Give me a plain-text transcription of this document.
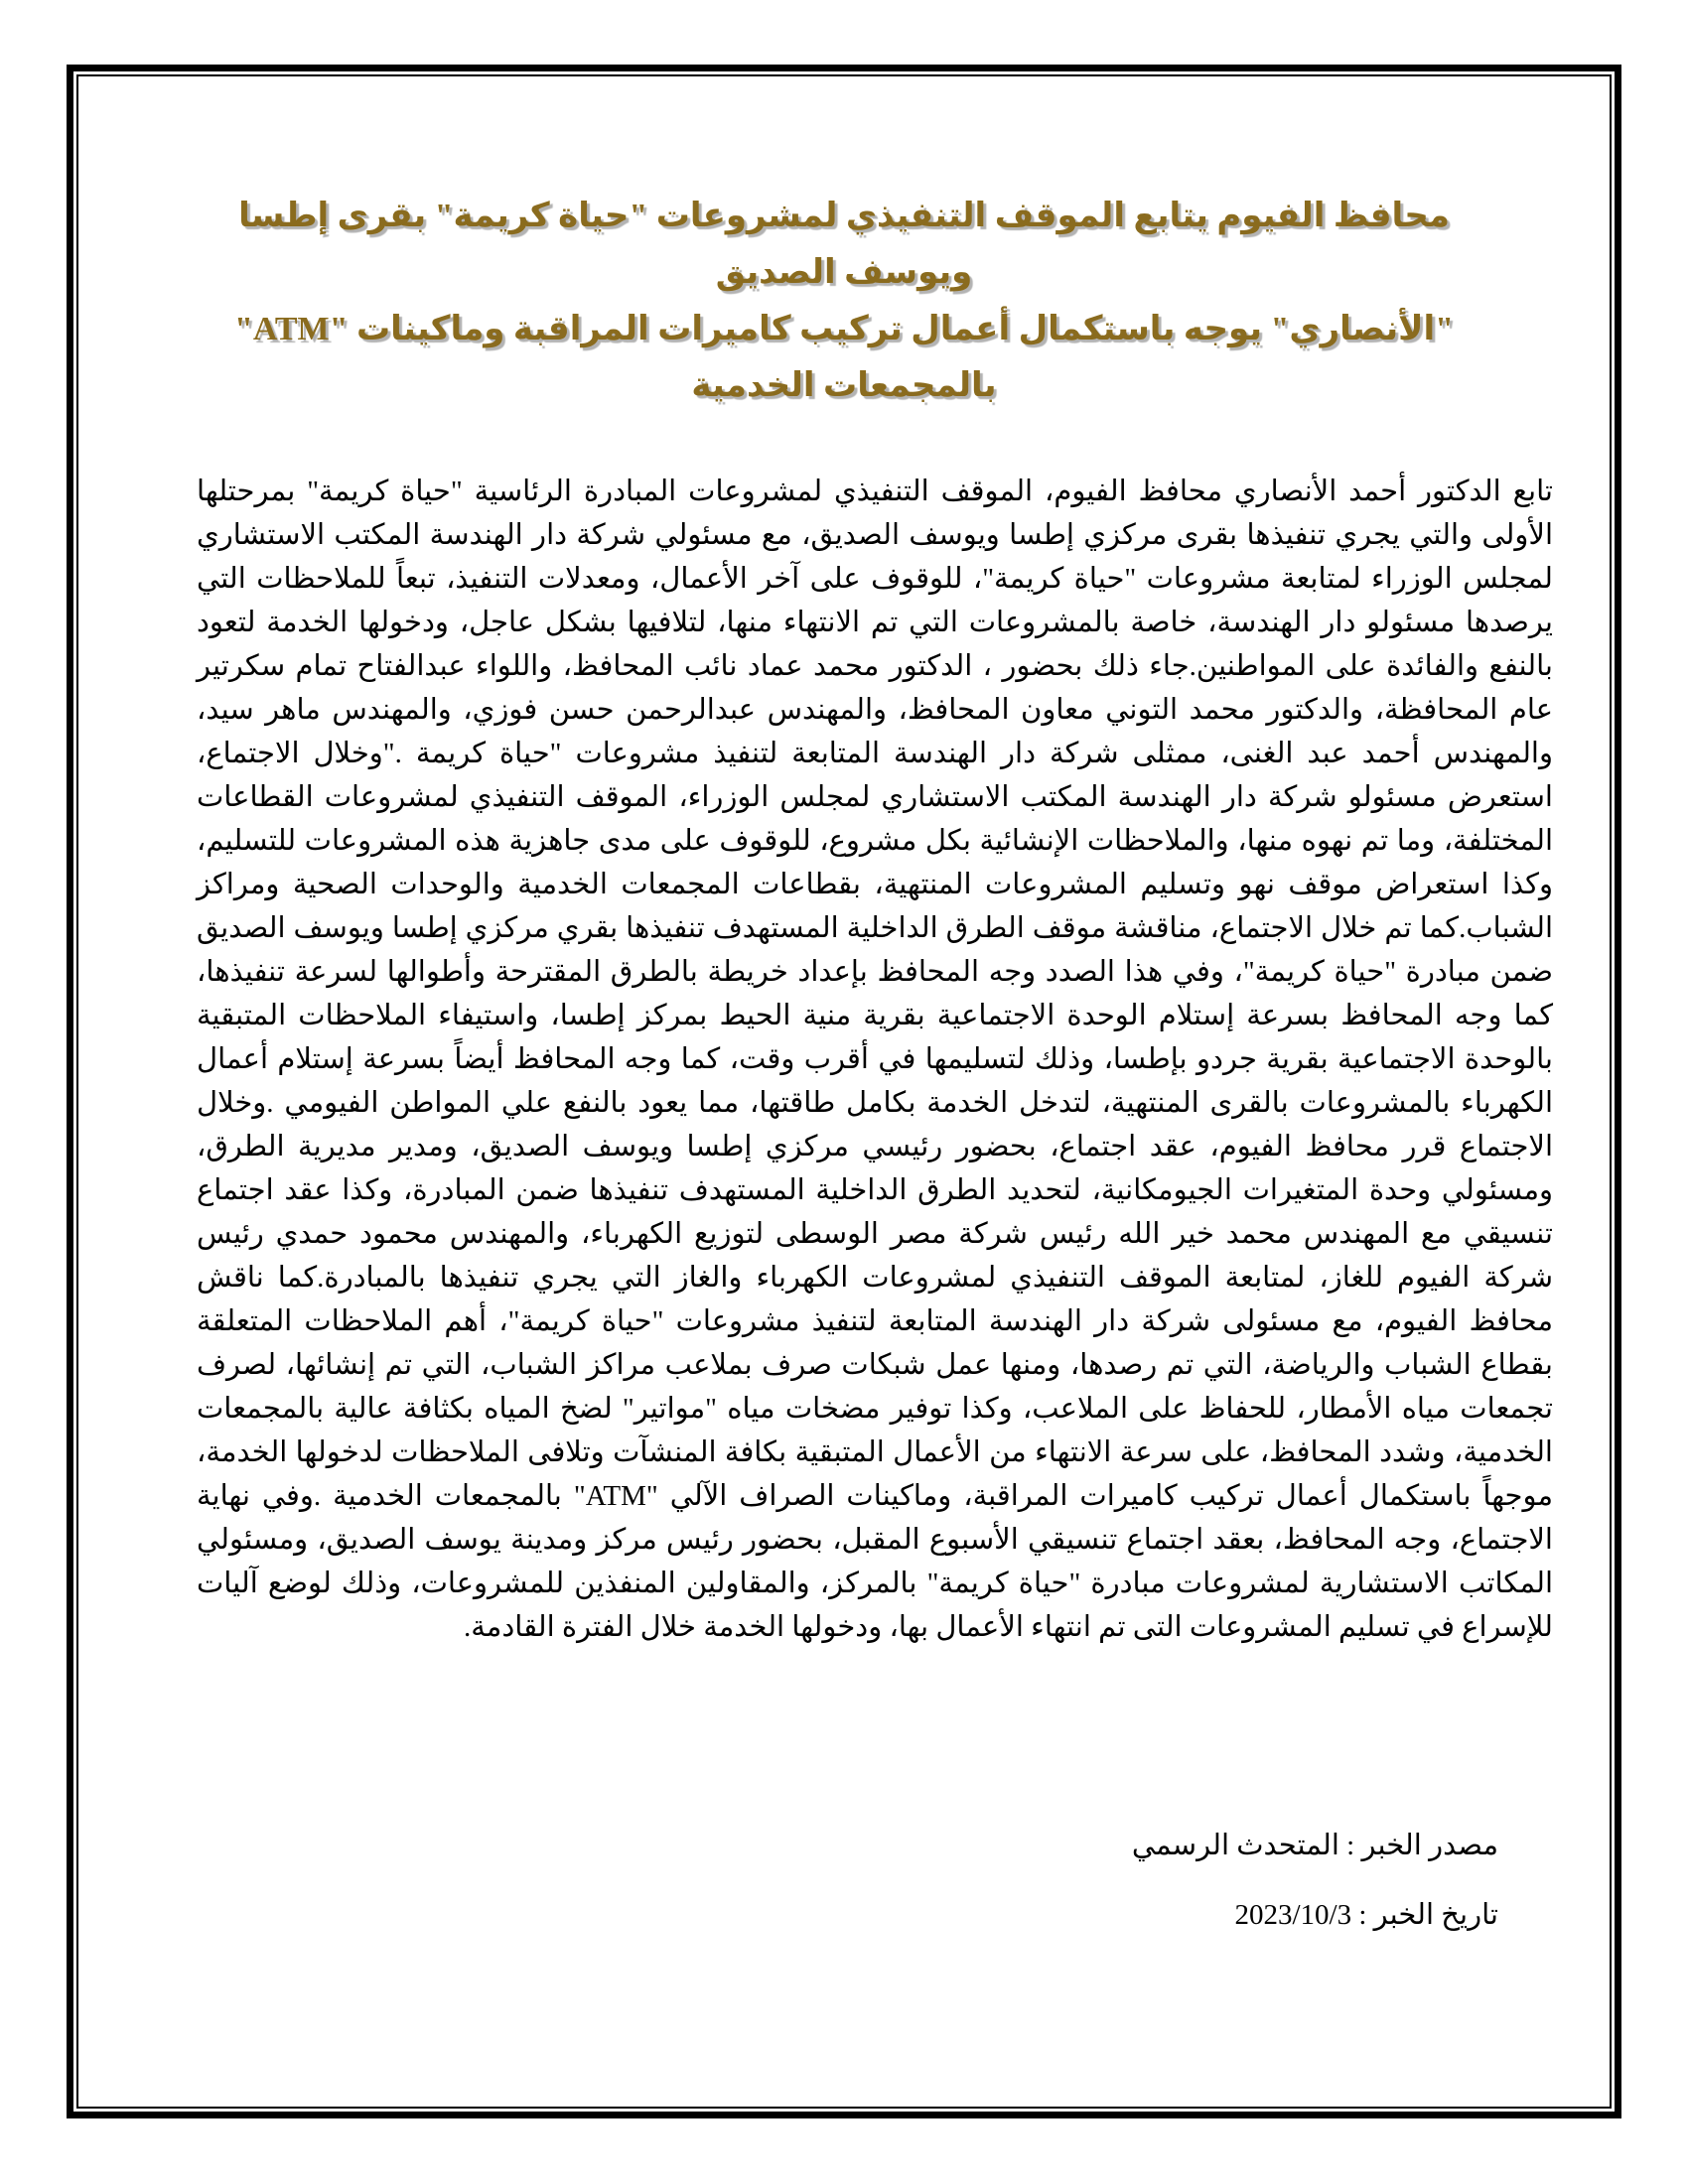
محافظ الفيوم يتابع الموقف التنفيذي لمشروعات "حياة كريمة" بقرى إطسا
ويوسف الصديق
"الأنصاري" يوجه باستكمال أعمال تركيب كاميرات المراقبة وماكينات "ATM"
بالمجمعات الخدمية
تابع الدكتور أحمد الأنصاري محافظ الفيوم، الموقف التنفيذي لمشروعات المبادرة الرئاسية "حياة كريمة" بمرحتلها الأولى والتي يجري تنفيذها بقرى مركزي إطسا ويوسف الصديق، مع مسئولي شركة دار الهندسة المكتب الاستشاري لمجلس الوزراء لمتابعة مشروعات "حياة كريمة"، للوقوف على آخر الأعمال، ومعدلات التنفيذ، تبعاً للملاحظات التي يرصدها مسئولو دار الهندسة، خاصة بالمشروعات التي تم الانتهاء منها، لتلافيها بشكل عاجل، ودخولها الخدمة لتعود بالنفع والفائدة على المواطنين.جاء ذلك بحضور ، الدكتور محمد عماد نائب المحافظ، واللواء عبدالفتاح تمام سكرتير عام المحافظة، والدكتور محمد التوني معاون المحافظ، والمهندس عبدالرحمن حسن فوزي، والمهندس ماهر سيد، والمهندس أحمد عبد الغنى، ممثلى شركة دار الهندسة المتابعة لتنفيذ مشروعات "حياة كريمة ."وخلال الاجتماع، استعرض مسئولو شركة دار الهندسة المكتب الاستشاري لمجلس الوزراء، الموقف التنفيذي لمشروعات القطاعات المختلفة، وما تم نهوه منها، والملاحظات الإنشائية بكل مشروع، للوقوف على مدى جاهزية هذه المشروعات للتسليم، وكذا استعراض موقف نهو وتسليم المشروعات المنتهية، بقطاعات المجمعات الخدمية والوحدات الصحية ومراكز الشباب.كما تم خلال الاجتماع، مناقشة موقف الطرق الداخلية المستهدف تنفيذها بقري مركزي إطسا ويوسف الصديق ضمن مبادرة "حياة كريمة"، وفي هذا الصدد وجه المحافظ بإعداد خريطة بالطرق المقترحة وأطوالها لسرعة تنفيذها، كما وجه المحافظ بسرعة إستلام الوحدة الاجتماعية بقرية منية الحيط بمركز إطسا، واستيفاء الملاحظات المتبقية بالوحدة الاجتماعية بقرية جردو بإطسا، وذلك لتسليمها في أقرب وقت، كما وجه المحافظ أيضاً بسرعة إستلام أعمال الكهرباء بالمشروعات بالقرى المنتهية، لتدخل الخدمة بكامل طاقتها، مما يعود بالنفع علي المواطن الفيومي .وخلال الاجتماع قرر محافظ الفيوم، عقد اجتماع، بحضور رئيسي مركزي إطسا ويوسف الصديق، ومدير مديرية الطرق، ومسئولي وحدة المتغيرات الجيومكانية، لتحديد الطرق الداخلية المستهدف تنفيذها ضمن المبادرة، وكذا عقد اجتماع تنسيقي مع المهندس محمد خير الله رئيس شركة مصر الوسطى لتوزيع الكهرباء، والمهندس محمود حمدي رئيس شركة الفيوم للغاز، لمتابعة الموقف التنفيذي لمشروعات الكهرباء والغاز التي يجري تنفيذها بالمبادرة.كما ناقش محافظ الفيوم، مع مسئولى شركة دار الهندسة المتابعة لتنفيذ مشروعات "حياة كريمة"، أهم الملاحظات المتعلقة بقطاع الشباب والرياضة، التي تم رصدها، ومنها عمل شبكات صرف بملاعب مراكز الشباب، التي تم إنشائها، لصرف تجمعات مياه الأمطار، للحفاظ على الملاعب، وكذا توفير مضخات مياه "مواتير" لضخ المياه بكثافة عالية بالمجمعات الخدمية، وشدد المحافظ، على سرعة الانتهاء من الأعمال المتبقية بكافة المنشآت وتلافى الملاحظات لدخولها الخدمة، موجهاً باستكمال أعمال تركيب كاميرات المراقبة، وماكينات الصراف الآلي "ATM" بالمجمعات الخدمية .وفي نهاية الاجتماع، وجه المحافظ، بعقد اجتماع تنسيقي الأسبوع المقبل، بحضور رئيس مركز ومدينة يوسف الصديق، ومسئولي المكاتب الاستشارية لمشروعات مبادرة "حياة كريمة" بالمركز، والمقاولين المنفذين للمشروعات، وذلك لوضع آليات للإسراع في تسليم المشروعات التى تم انتهاء الأعمال بها، ودخولها الخدمة خلال الفترة القادمة.

مصدر الخبر : المتحدث الرسمي

تاريخ الخبر : 2023/10/3
